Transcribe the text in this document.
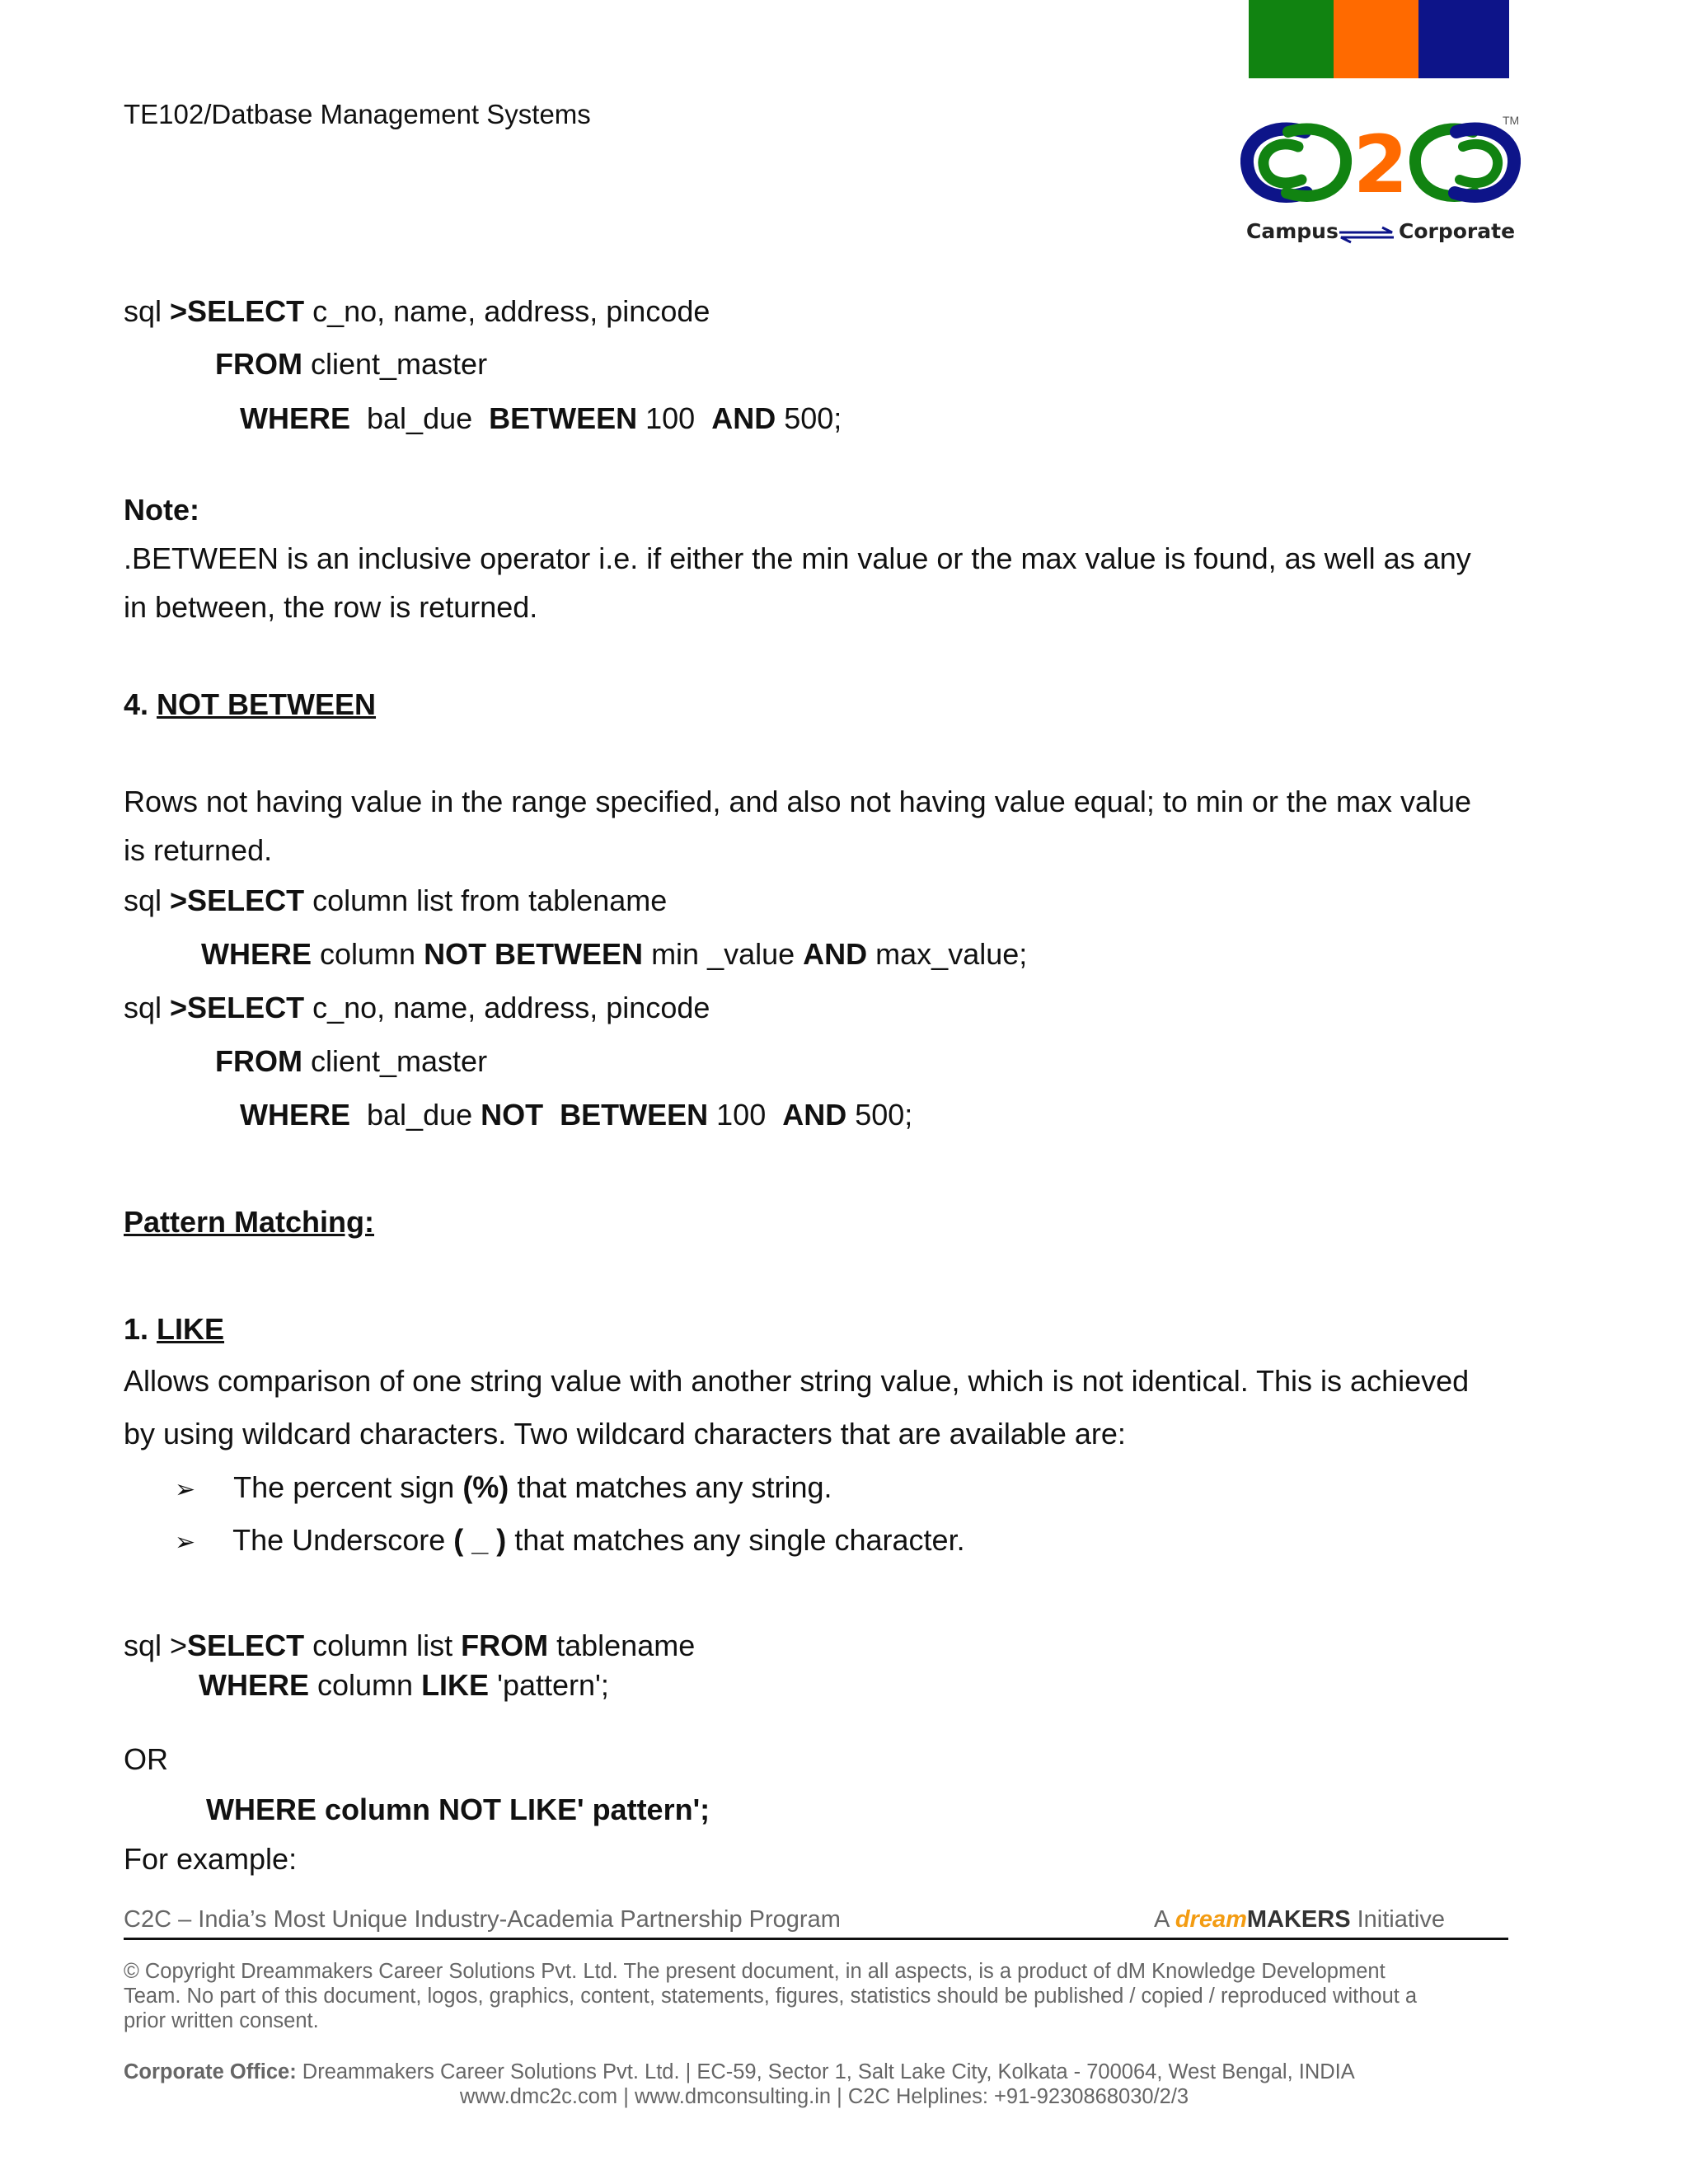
TE102/Datbase Management Systems
2	TM
Campus	Corporate
sql >SELECT c_no, name, address, pincode
FROM client_master
WHERE  bal_due  BETWEEN 100  AND 500;
Note:
.BETWEEN is an inclusive operator i.e. if either the min value or the max value is found, as well as any
in between, the row is returned.
4. NOT BETWEEN
Rows not having value in the range specified, and also not having value equal; to min or the max value
is returned.
sql >SELECT column list from tablename
WHERE column NOT BETWEEN min _value AND max_value;
sql >SELECT c_no, name, address, pincode
FROM client_master
WHERE  bal_due NOT BETWEEN 100  AND 500;
Pattern Matching:
1. LIKE
Allows comparison of one string value with another string value, which is not identical. This is achieved
by using wildcard characters. Two wildcard characters that are available are:
➢ The percent sign (%) that matches any string.
➢ The Underscore ( _ ) that matches any single character.
sql >SELECT column list FROM tablename
WHERE column LIKE 'pattern';
OR
WHERE column NOT LIKE' pattern';
For example:
C2C – India’s Most Unique Industry-Academia Partnership Program	A dreamMAKERS Initiative
© Copyright Dreammakers Career Solutions Pvt. Ltd. The present document, in all aspects, is a product of dM Knowledge Development
Team. No part of this document, logos, graphics, content, statements, figures, statistics should be published / copied / reproduced without a
prior written consent.
Corporate Office: Dreammakers Career Solutions Pvt. Ltd. | EC-59, Sector 1, Salt Lake City, Kolkata - 700064, West Bengal, INDIA
www.dmc2c.com | www.dmconsulting.in | C2C Helplines: +91-9230868030/2/3
